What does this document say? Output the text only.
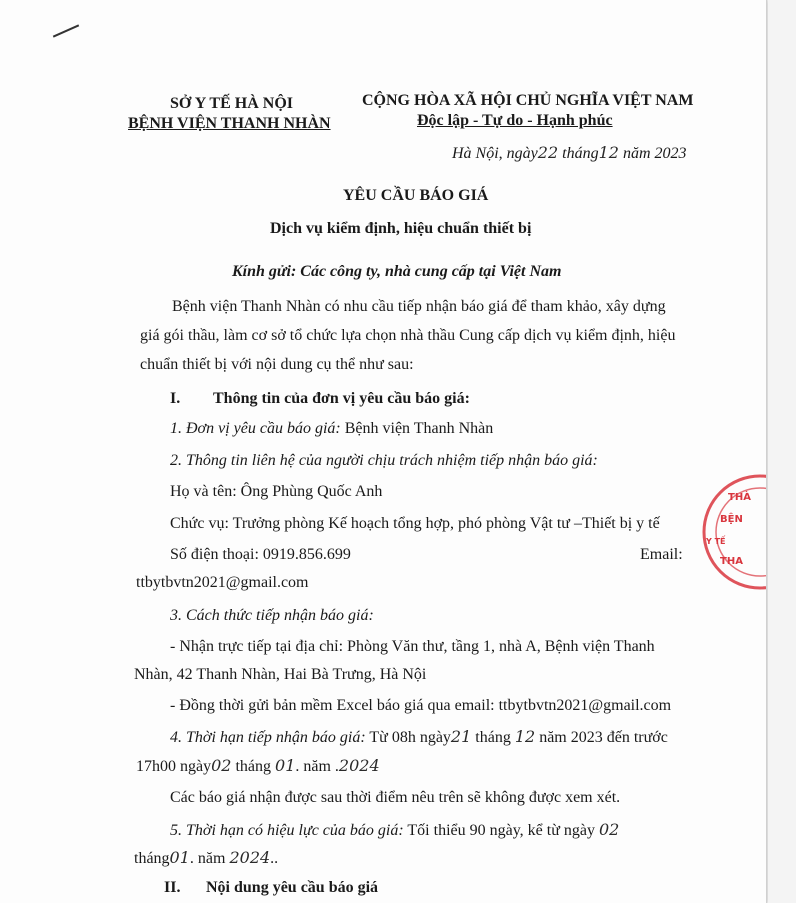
SỞ Y TẾ HÀ NỘI
BỆNH VIỆN THANH NHÀN
CỘNG HÒA XÃ HỘI CHỦ NGHĨA VIỆT NAM
Độc lập - Tự do - Hạnh phúc
Hà Nội, ngày22 tháng12 năm 2023
YÊU CẦU BÁO GIÁ
Dịch vụ kiểm định, hiệu chuẩn thiết bị
Kính gửi: Các công ty, nhà cung cấp tại Việt Nam
Bệnh viện Thanh Nhàn có nhu cầu tiếp nhận báo giá để tham khảo, xây dựng
giá gói thầu, làm cơ sở tổ chức lựa chọn nhà thầu Cung cấp dịch vụ kiểm định, hiệu
chuẩn thiết bị với nội dung cụ thể như sau:
I. Thông tin của đơn vị yêu cầu báo giá:
1. Đơn vị yêu cầu báo giá: Bệnh viện Thanh Nhàn
2. Thông tin liên hệ của người chịu trách nhiệm tiếp nhận báo giá:
Họ và tên: Ông Phùng Quốc Anh
Chức vụ: Trưởng phòng Kế hoạch tổng hợp, phó phòng Vật tư –Thiết bị y tế
Số điện thoại: 0919.856.699	Email:
ttbytbvtn2021@gmail.com
3. Cách thức tiếp nhận báo giá:
- Nhận trực tiếp tại địa chỉ: Phòng Văn thư, tầng 1, nhà A, Bệnh viện Thanh
Nhàn, 42 Thanh Nhàn, Hai Bà Trưng, Hà Nội
- Đồng thời gửi bản mềm Excel báo giá qua email: ttbytbvtn2021@gmail.com
4. Thời hạn tiếp nhận báo giá: Từ 08h ngày21 tháng 12 năm 2023 đến trước
17h00 ngày02 tháng 01. năm .2024
Các báo giá nhận được sau thời điểm nêu trên sẽ không được xem xét.
5. Thời hạn có hiệu lực của báo giá: Tối thiểu 90 ngày, kể từ ngày 02
tháng01. năm 2024..
II. Nội dung yêu cầu báo giá
THÀ
BỆN
THA
Y TẾ
